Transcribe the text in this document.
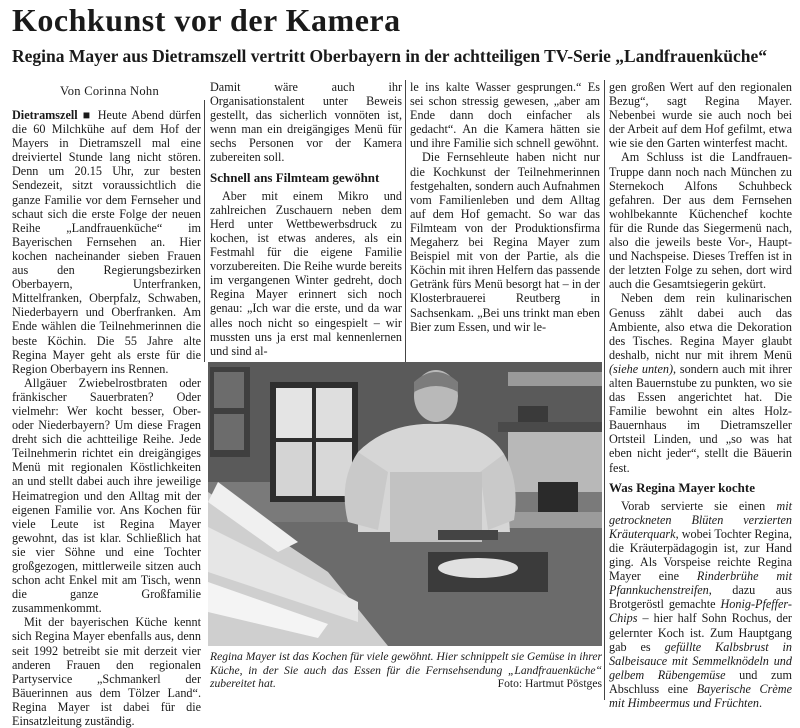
Kochkunst vor der Kamera
Regina Mayer aus Dietramszell vertritt Oberbayern in der achtteiligen TV-Serie „Landfrauenküche“
Von Corinna Nohn

Dietramszell ■ Heute Abend dürfen die 60 Milchkühe auf dem Hof der Mayers in Dietramszell mal eine dreiviertel Stunde lang nicht stören. Denn um 20.15 Uhr, zur besten Sendezeit, sitzt voraussichtlich die ganze Familie vor dem Fernseher und schaut sich die erste Folge der neuen Reihe „Landfrauenküche“ im Bayerischen Fernsehen an. Hier kochen nacheinander sieben Frauen aus den Regierungsbezirken Oberbayern, Unterfranken, Mittelfranken, Oberpfalz, Schwaben, Niederbayern und Oberfranken. Am Ende wählen die Teilnehmerinnen die beste Köchin. Die 55 Jahre alte Regina Mayer geht als erste für die Region Oberbayern ins Rennen.

Allgäuer Zwiebelrostbraten oder fränkischer Sauerbraten? Oder vielmehr: Wer kocht besser, Ober- oder Niederbayern? Um diese Fragen dreht sich die achtteilige Reihe. Jede Teilnehmerin richtet ein dreigängiges Menü mit regionalen Köstlichkeiten an und stellt dabei auch ihre jeweilige Heimatregion und den Alltag mit der eigenen Familie vor. Ans Kochen für viele Leute ist Regina Mayer gewohnt, das ist klar. Schließlich hat sie vier Söhne und eine Tochter großgezogen, mittlerweile sitzen auch schon acht Enkel mit am Tisch, wenn die ganze Großfamilie zusammenkommt.

Mit der bayerischen Küche kennt sich Regina Mayer ebenfalls aus, denn seit 1992 betreibt sie mit derzeit vier anderen Frauen den regionalen Partyservice „Schmankerl der Bäuerinnen aus dem Tölzer Land“. Regina Mayer ist dabei für die Einsatzleitung zuständig.

Damit wäre auch ihr Organisationstalent unter Beweis gestellt, das sicherlich vonnöten ist, wenn man ein dreigängiges Menü für sechs Personen vor der Kamera zubereiten soll.

Schnell ans Filmteam gewöhnt

Aber mit einem Mikro und zahlreichen Zuschauern neben dem Herd unter Wettbewerbsdruck zu kochen, ist etwas anderes, als ein Festmahl für die eigene Familie vorzubereiten. Die Reihe wurde bereits im vergangenen Winter gedreht, doch Regina Mayer erinnert sich noch genau: „Ich war die erste, und da war alles noch nicht so eingespielt – wir mussten uns ja erst mal kennenlernen und sind al-

le ins kalte Wasser gesprungen.“ Es sei schon stressig gewesen, „aber am Ende dann doch einfacher als gedacht“. An die Kamera hätten sie und ihre Familie sich schnell gewöhnt.

Die Fernsehleute haben nicht nur die Kochkunst der Teilnehmerinnen festgehalten, sondern auch Aufnahmen vom Familienleben und dem Alltag auf dem Hof gemacht. So war das Filmteam von der Produktionsfirma Megaherz bei Regina Mayer zum Beispiel mit von der Partie, als die Köchin mit ihren Helfern das passende Getränk fürs Menü besorgt hat – in der Klosterbrauerei Reutberg in Sachsenkam. „Bei uns trinkt man eben Bier zum Essen, und wir le-

gen großen Wert auf den regionalen Bezug“, sagt Regina Mayer. Nebenbei wurde sie auch noch bei der Arbeit auf dem Hof gefilmt, etwa wie sie den Garten winterfest macht.

Am Schluss ist die Landfrauen-Truppe dann noch nach München zu Sternekoch Alfons Schuhbeck gefahren. Der aus dem Fernsehen wohlbekannte Küchenchef kochte für die Runde das Siegermenü nach, also die jeweils beste Vor-, Haupt- und Nachspeise. Dieses Treffen ist in der letzten Folge zu sehen, dort wird auch die Gesamtsiegerin gekürt.

Neben dem rein kulinarischen Genuss zählt dabei auch das Ambiente, also etwa die Dekoration des Tisches. Regina Mayer glaubt deshalb, nicht nur mit ihrem Menü (siehe unten), sondern auch mit ihrer alten Bauernstube zu punkten, wo sie das Essen angerichtet hat. Die Familie bewohnt ein altes Holz-Bauernhaus im Dietramszeller Ortsteil Linden, und „so was hat eben nicht jeder“, stellt die Bäuerin fest.

Was Regina Mayer kochte

Vorab servierte sie einen mit getrockneten Blüten verzierten Kräuterquark, wobei Tochter Regina, die Kräuterpädagogin ist, zur Hand ging. Als Vorspeise reichte Regina Mayer eine Rinderbrühe mit Pfannkuchenstreifen, dazu aus Brotgeröstl gemachte Honig-Pfeffer-Chips – hier half Sohn Rochus, der gelernter Koch ist. Zum Hauptgang gab es gefüllte Kalbsbrust in Salbeisauce mit Semmelknödeln und gelbem Rübengemüse und zum Abschluss eine Bayerische Crème mit Himbeermus und Früchten.

Regina Mayer ist das Kochen für viele gewöhnt. Hier schnippelt sie Gemüse in ihrer Küche, in der Sie auch das Essen für die Fernsehsendung „Landfrauenküche“ zubereitet hat.	Foto: Hartmut Pöstges
